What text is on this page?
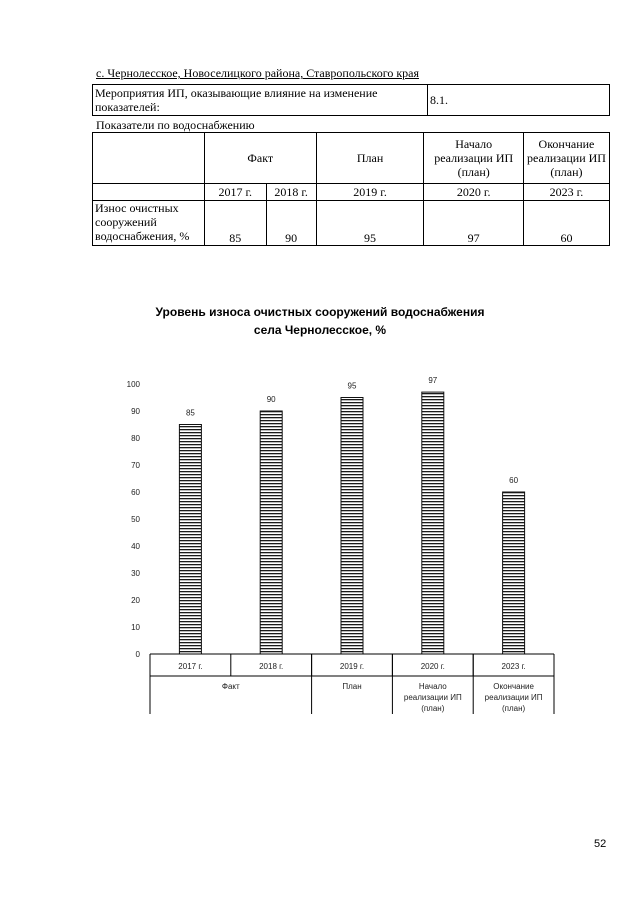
с. Чернолесское, Новоселицкого района, Ставропольского края
Мероприятия ИП, оказывающие влияние на изменение показателей:	8.1.
Показатели по водоснабжению
	Факт		План	Начало реализации ИП (план)	Окончание реализации ИП (план)
	2017 г.	2018 г.	2019 г.	2020 г.	2023 г.
Износ очистных сооружений водоснабжения, %	85	90	95	97	60
Уровень износа очистных сооружений водоснабжения села Чернолесское, %
0
10
20
30
40
50
60
70
80
90
100
85
90
95
97
60
2017 г.	2018 г.	2019 г.	2020 г.	2023 г.
Факт	План	Начало реализации ИП (план)
Окончание реализации ИП (план)
52
